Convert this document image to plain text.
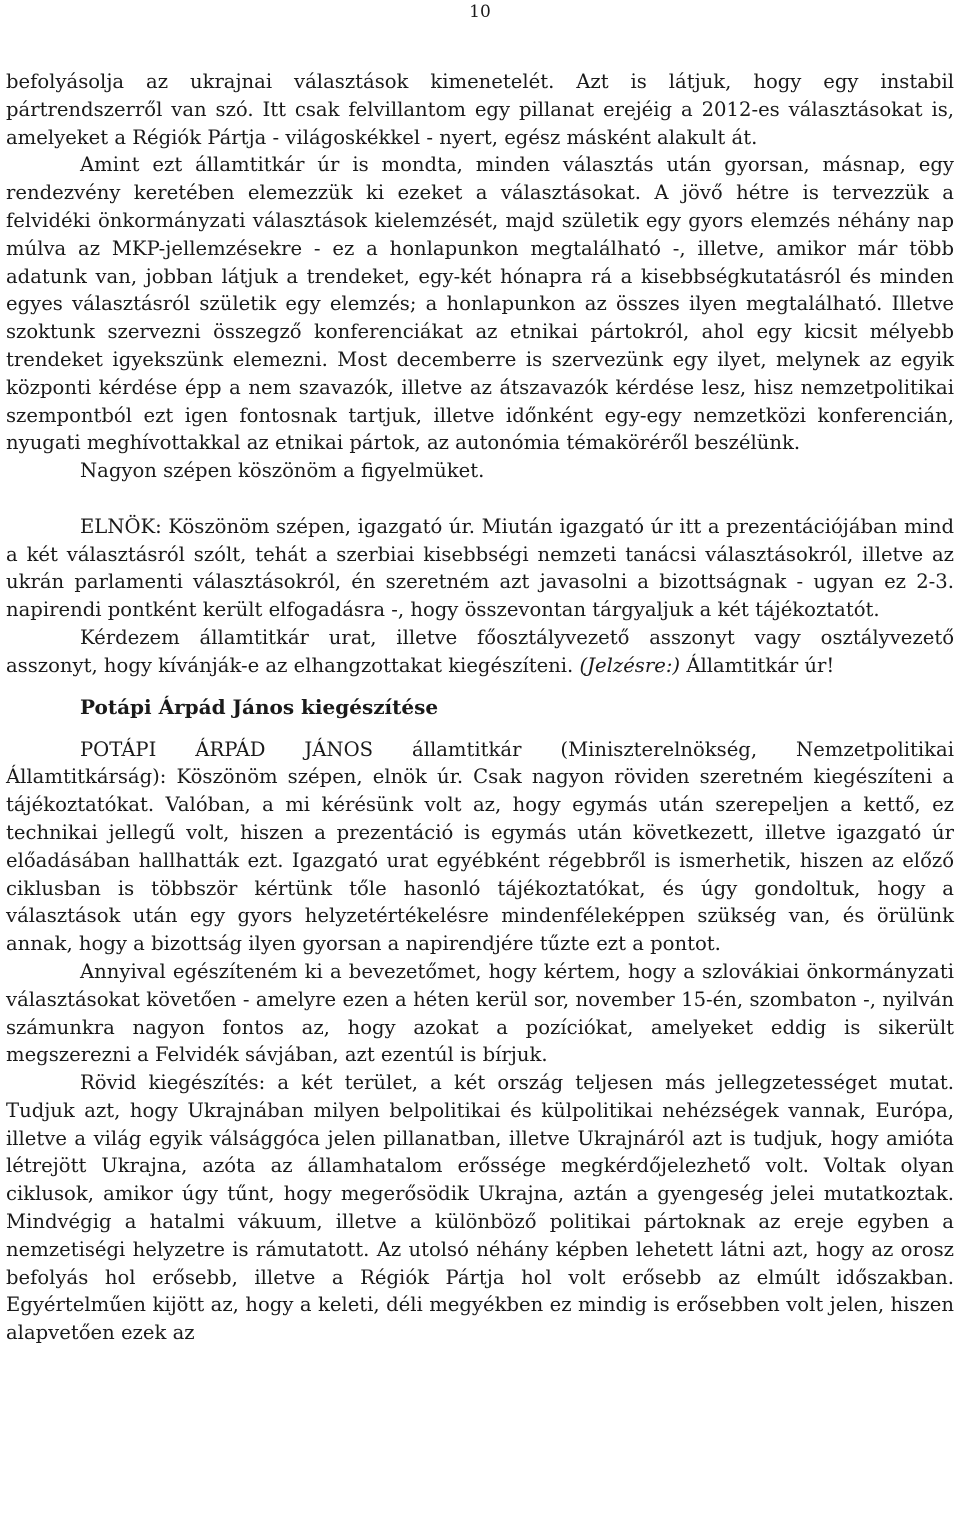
10

befolyásolja az ukrajnai választások kimenetelét. Azt is látjuk, hogy egy instabil pártrendszerről van szó. Itt csak felvillantom egy pillanat erejéig a 2012-es választásokat is, amelyeket a Régiók Pártja - világoskékkel - nyert, egész másként alakult át.

Amint ezt államtitkár úr is mondta, minden választás után gyorsan, másnap, egy rendezvény keretében elemezzük ki ezeket a választásokat. A jövő hétre is tervezzük a felvidéki önkormányzati választások kielemzését, majd születik egy gyors elemzés néhány nap múlva az MKP-jellemzésekre - ez a honlapunkon megtalálható -, illetve, amikor már több adatunk van, jobban látjuk a trendeket, egy-két hónapra rá a kisebbségkutatásról és minden egyes választásról születik egy elemzés; a honlapunkon az összes ilyen megtalálható. Illetve szoktunk szervezni összegző konferenciákat az etnikai pártokról, ahol egy kicsit mélyebb trendeket igyekszünk elemezni. Most decemberre is szervezünk egy ilyet, melynek az egyik központi kérdése épp a nem szavazók, illetve az átszavazók kérdése lesz, hisz nemzetpolitikai szempontból ezt igen fontosnak tartjuk, illetve időnként egy-egy nemzetközi konferencián, nyugati meghívottakkal az etnikai pártok, az autonómia témaköréről beszélünk.

Nagyon szépen köszönöm a figyelmüket.

ELNÖK: Köszönöm szépen, igazgató úr. Miután igazgató úr itt a prezentációjában mind a két választásról szólt, tehát a szerbiai kisebbségi nemzeti tanácsi választásokról, illetve az ukrán parlamenti választásokról, én szeretném azt javasolni a bizottságnak - ugyan ez 2-3. napirendi pontként került elfogadásra -, hogy összevontan tárgyaljuk a két tájékoztatót.

Kérdezem államtitkár urat, illetve főosztályvezető asszonyt vagy osztályvezető asszonyt, hogy kívánják-e az elhangzottakat kiegészíteni. (Jelzésre:) Államtitkár úr!

Potápi Árpád János kiegészítése

POTÁPI ÁRPÁD JÁNOS államtitkár (Miniszterelnökség, Nemzetpolitikai Államtitkárság): Köszönöm szépen, elnök úr. Csak nagyon röviden szeretném kiegészíteni a tájékoztatókat. Valóban, a mi kérésünk volt az, hogy egymás után szerepeljen a kettő, ez technikai jellegű volt, hiszen a prezentáció is egymás után következett, illetve igazgató úr előadásában hallhatták ezt. Igazgató urat egyébként régebbről is ismerhetik, hiszen az előző ciklusban is többször kértünk tőle hasonló tájékoztatókat, és úgy gondoltuk, hogy a választások után egy gyors helyzetértékelésre mindenféleképpen szükség van, és örülünk annak, hogy a bizottság ilyen gyorsan a napirendjére tűzte ezt a pontot.

Annyival egészíteném ki a bevezetőmet, hogy kértem, hogy a szlovákiai önkormányzati választásokat követően - amelyre ezen a héten kerül sor, november 15-én, szombaton -, nyilván számunkra nagyon fontos az, hogy azokat a pozíciókat, amelyeket eddig is sikerült megszerezni a Felvidék sávjában, azt ezentúl is bírjuk.

Rövid kiegészítés: a két terület, a két ország teljesen más jellegzetességet mutat. Tudjuk azt, hogy Ukrajnában milyen belpolitikai és külpolitikai nehézségek vannak, Európa, illetve a világ egyik válsággóca jelen pillanatban, illetve Ukrajnáról azt is tudjuk, hogy amióta létrejött Ukrajna, azóta az államhatalom erőssége megkérdőjelezhető volt. Voltak olyan ciklusok, amikor úgy tűnt, hogy megerősödik Ukrajna, aztán a gyengeség jelei mutatkoztak. Mindvégig a hatalmi vákuum, illetve a különböző politikai pártoknak az ereje egyben a nemzetiségi helyzetre is rámutatott. Az utolsó néhány képben lehetett látni azt, hogy az orosz befolyás hol erősebb, illetve a Régiók Pártja hol volt erősebb az elmúlt időszakban. Egyértelműen kijött az, hogy a keleti, déli megyékben ez mindig is erősebben volt jelen, hiszen alapvetően ezek az
